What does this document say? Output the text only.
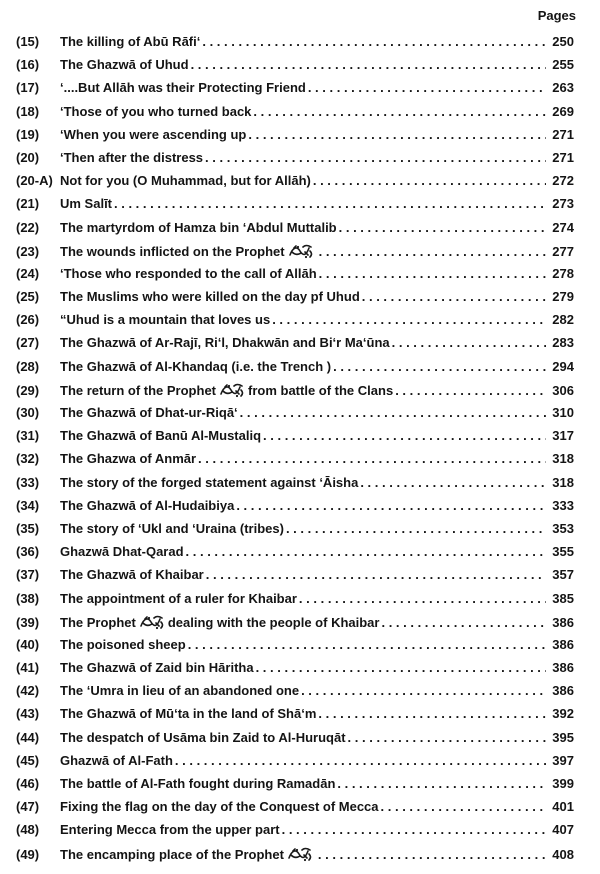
Pages
(15)	The killing of Abū Rāfi‘ . . .	250
(16)	The Ghazwā of Uhud . . .	255
(17)	‘....But Allāh was their Protecting Friend . . .	263
(18)	‘Those of you who turned back . . .	269
(19)	‘When you were ascending up . . .	271
(20)	‘Then after the distress . . .	271
(20-A) Not for you (O Muhammad, but for Allāh) . . .	272
(21)	Um Salīt . . .	273
(22)	The martyrdom of Hamza bin ‘Abdul Muttalib . . .	274
(23)	The wounds inflicted on the Prophet . . .	277
(24)	‘Those who responded to the call of Allāh . . .	278
(25)	The Muslims who were killed on the day pf Uhud . . .	279
(26)	“Uhud is a mountain that loves us . . .	282
(27)	The Ghazwā of Ar-Rajī, Ri‘l, Dhakwān and Bi‘r Ma‘ūna . . .	283
(28)	The Ghazwā of Al-Khandaq (i.e. the Trench ) . . .	294
(29)	The return of the Prophet from battle of the Clans . . .	306
(30)	The Ghazwā of Dhat-ur-Riqā‘ . . .	310
(31)	The Ghazwā of Banū Al-Mustaliq . . .	317
(32)	The Ghazwa of Anmār . . .	318
(33)	The story of the forged statement against ‘Āisha . . .	318
(34)	The Ghazwā of Al-Hudaibiya . . .	333
(35)	The story of ‘Ukl and ‘Uraina (tribes) . . .	353
(36)	Ghazwā Dhat-Qarad . . .	355
(37)	The Ghazwā of Khaibar . . .	357
(38)	The appointment of a ruler for Khaibar . . .	385
(39)	The Prophet dealing with the people of Khaibar . . .	386
(40)	The poisoned sheep . . .	386
(41)	The Ghazwā of Zaid bin Hāritha . . .	386
(42)	The ‘Umra in lieu of an abandoned one . . .	386
(43)	The Ghazwā of Mū‘ta in the land of Shā‘m . . .	392
(44)	The despatch of Usāma bin Zaid to Al-Huruqāt . . .	395
(45)	Ghazwā of Al-Fath . . .	397
(46)	The battle of Al-Fath fought during Ramadān . . .	399
(47)	Fixing the flag on the day of the Conquest of Mecca . . .	401
(48)	Entering Mecca from the upper part . . .	407
(49)	The encamping place of the Prophet . . .	408
